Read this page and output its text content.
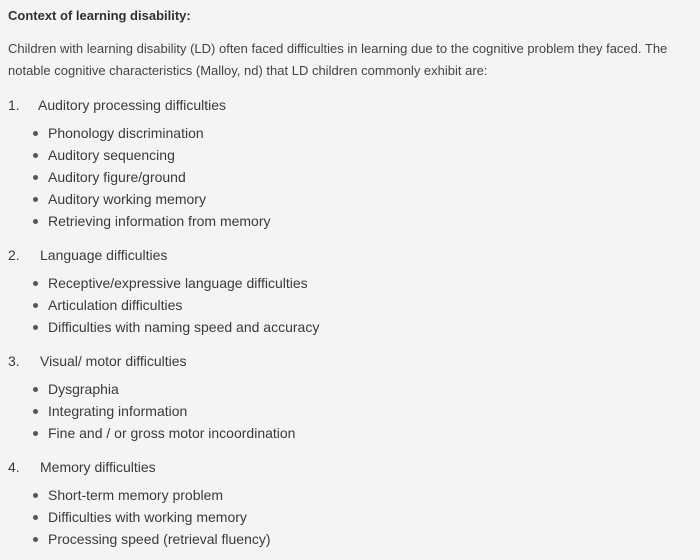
Context of learning disability:

Children with learning disability (LD) often faced difficulties in learning due to the cognitive problem they faced. The notable cognitive characteristics (Malloy, nd) that LD children commonly exhibit are:

1.	Auditory processing difficulties
Phonology discrimination
Auditory sequencing
Auditory figure/ground
Auditory working memory
Retrieving information from memory
2.	Language difficulties
Receptive/expressive language difficulties
Articulation difficulties
Difficulties with naming speed and accuracy
3.	Visual/ motor difficulties
Dysgraphia
Integrating information
Fine and / or gross motor incoordination
4.	Memory difficulties
Short-term memory problem
Difficulties with working memory
Processing speed (retrieval fluency)
